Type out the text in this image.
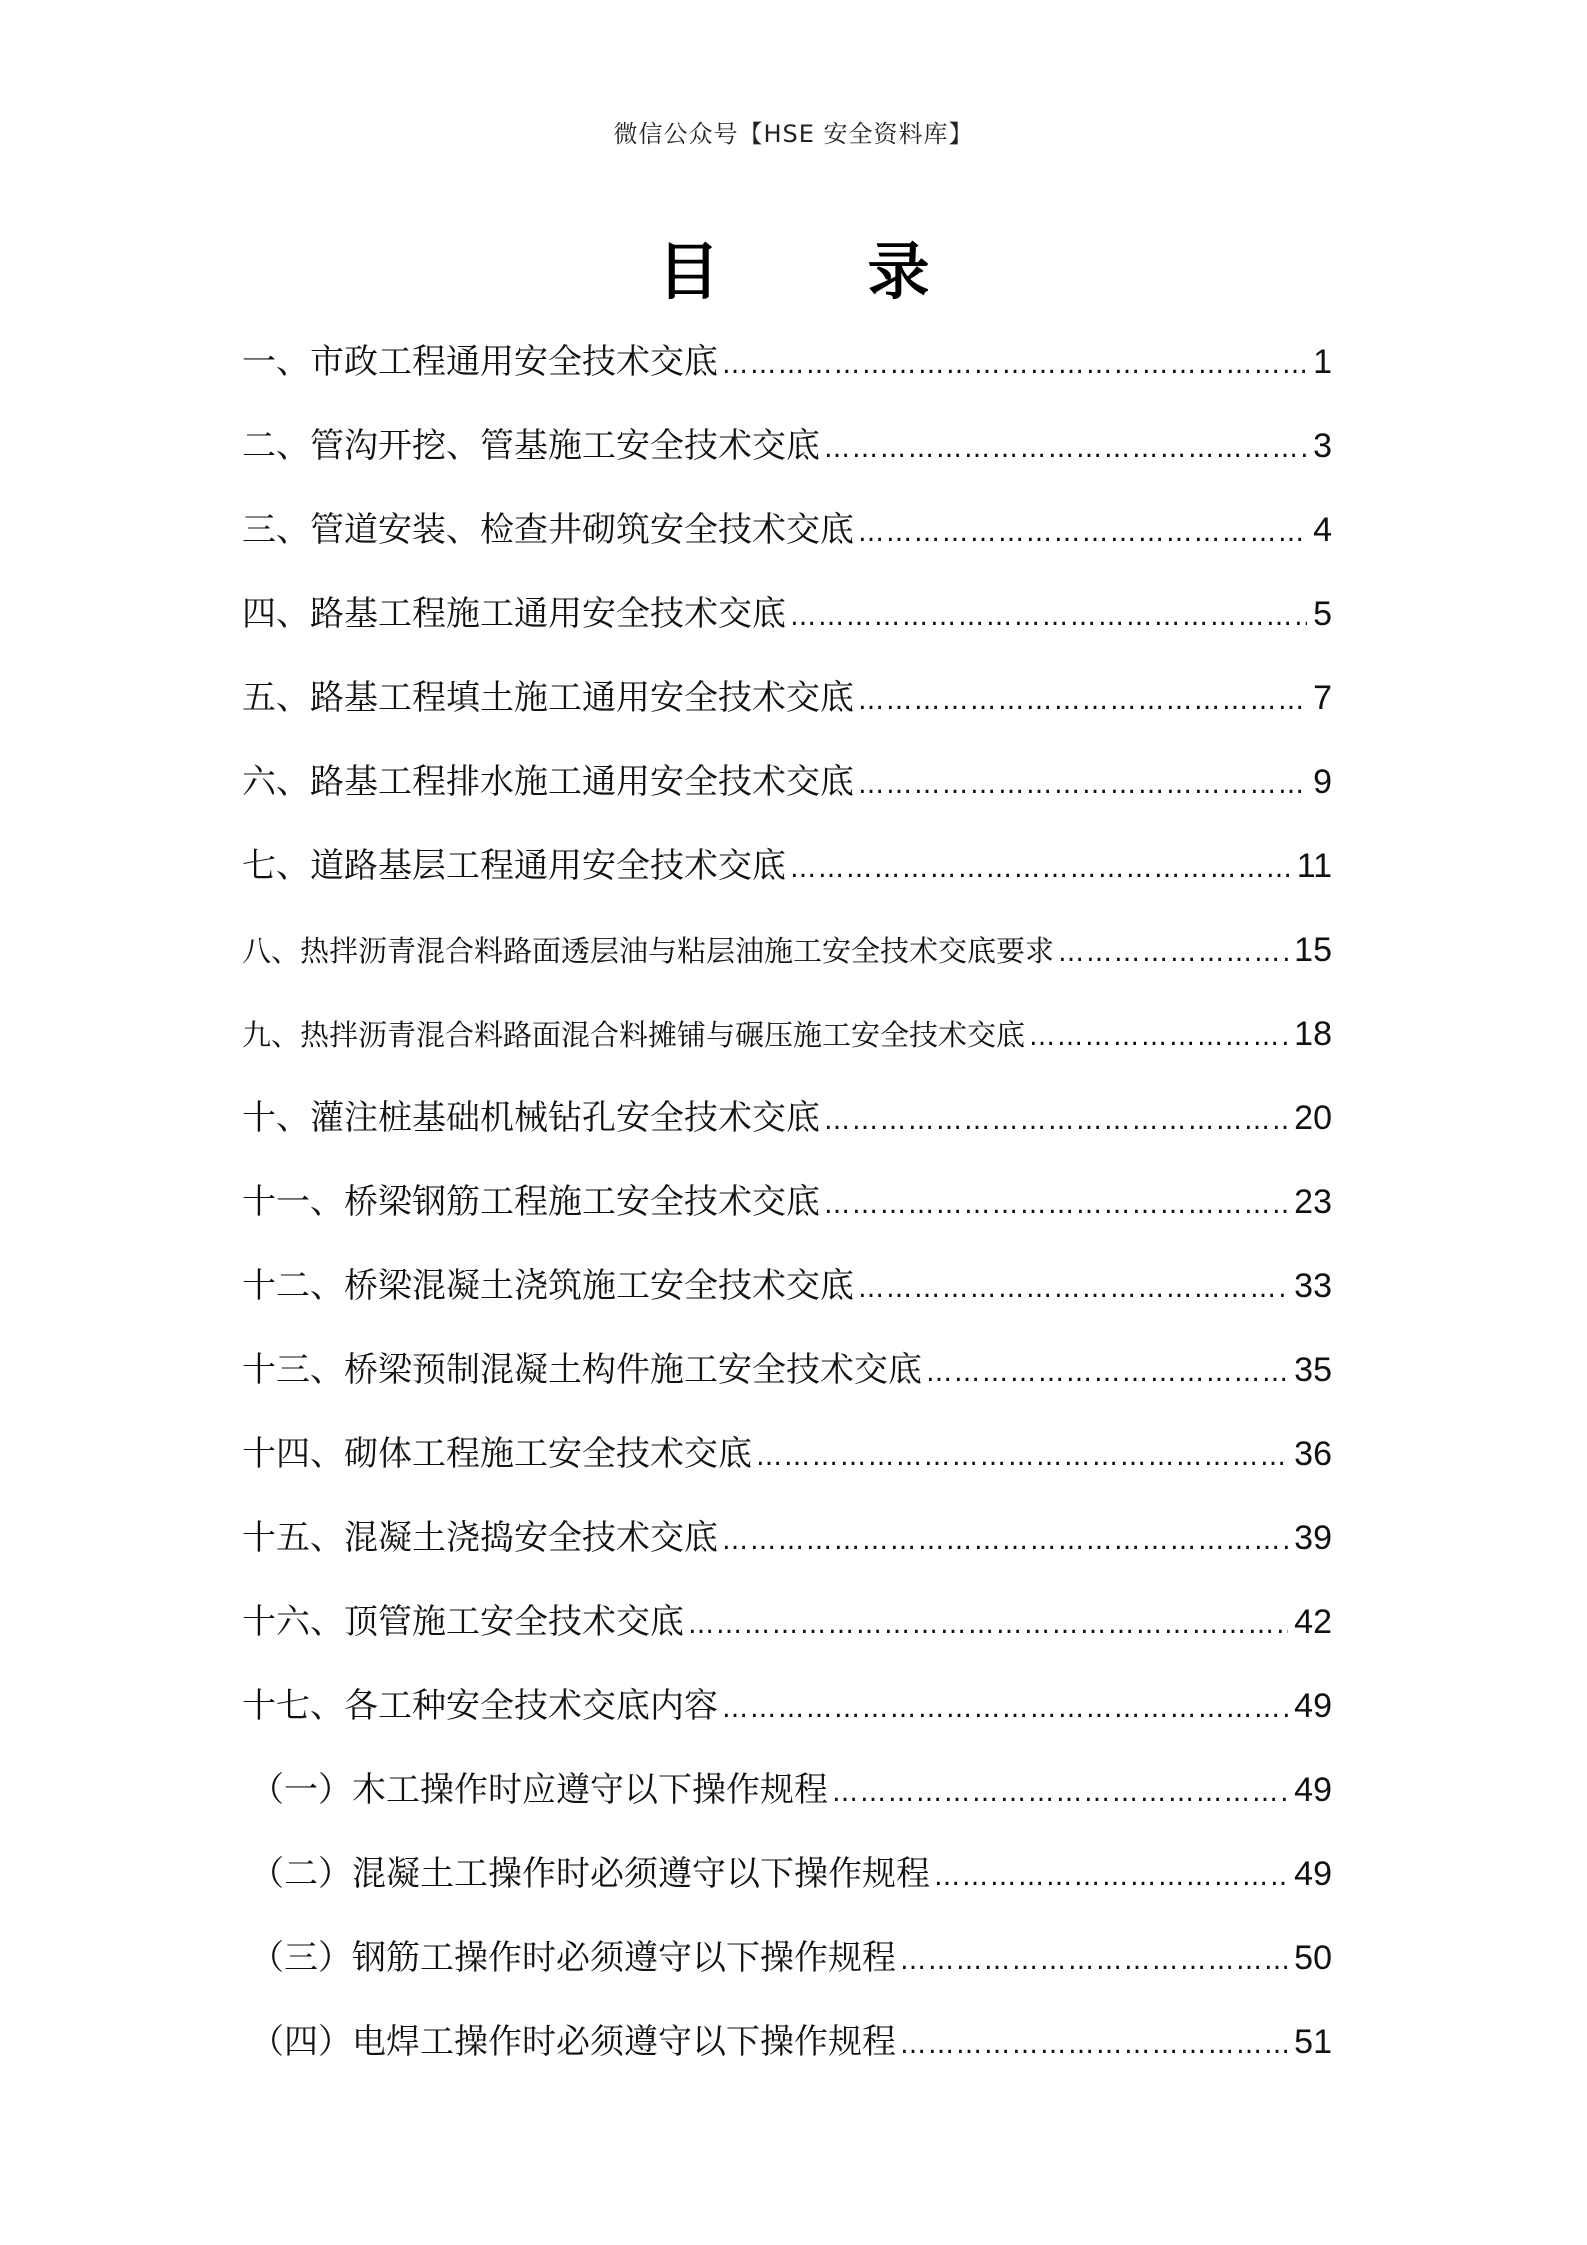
微信公众号【HSE 安全资料库】
目 录
一、市政工程通用安全技术交底 ……………………………………………………………………………………………………………………………………………………	1
二、管沟开挖、管基施工安全技术交底 ……………………………………………………………………………………………………………………………………………………	3
三、管道安装、检查井砌筑安全技术交底 ……………………………………………………………………………………………………………………………………………………	4
四、路基工程施工通用安全技术交底 ……………………………………………………………………………………………………………………………………………………	5
五、路基工程填土施工通用安全技术交底 ……………………………………………………………………………………………………………………………………………………	7
六、路基工程排水施工通用安全技术交底 ……………………………………………………………………………………………………………………………………………………	9
七、道路基层工程通用安全技术交底 ……………………………………………………………………………………………………………………………………………………	11
八、热拌沥青混合料路面透层油与粘层油施工安全技术交底要求 ……………………………………………………………………………………………………………………………………………………	15
九、热拌沥青混合料路面混合料摊铺与碾压施工安全技术交底 ……………………………………………………………………………………………………………………………………………………	18
十、灌注桩基础机械钻孔安全技术交底 ……………………………………………………………………………………………………………………………………………………	20
十一、桥梁钢筋工程施工安全技术交底 ……………………………………………………………………………………………………………………………………………………	23
十二、桥梁混凝土浇筑施工安全技术交底 ……………………………………………………………………………………………………………………………………………………	33
十三、桥梁预制混凝土构件施工安全技术交底 ……………………………………………………………………………………………………………………………………………………	35
十四、砌体工程施工安全技术交底 ……………………………………………………………………………………………………………………………………………………	36
十五、混凝土浇捣安全技术交底 ……………………………………………………………………………………………………………………………………………………	39
十六、顶管施工安全技术交底 ……………………………………………………………………………………………………………………………………………………	42
十七、各工种安全技术交底内容 ……………………………………………………………………………………………………………………………………………………	49
（一）木工操作时应遵守以下操作规程 ……………………………………………………………………………………………………………………………………………………	49
（二）混凝土工操作时必须遵守以下操作规程 ……………………………………………………………………………………………………………………………………………………	49
（三）钢筋工操作时必须遵守以下操作规程 ……………………………………………………………………………………………………………………………………………………	50
（四）电焊工操作时必须遵守以下操作规程 ……………………………………………………………………………………………………………………………………………………	51
